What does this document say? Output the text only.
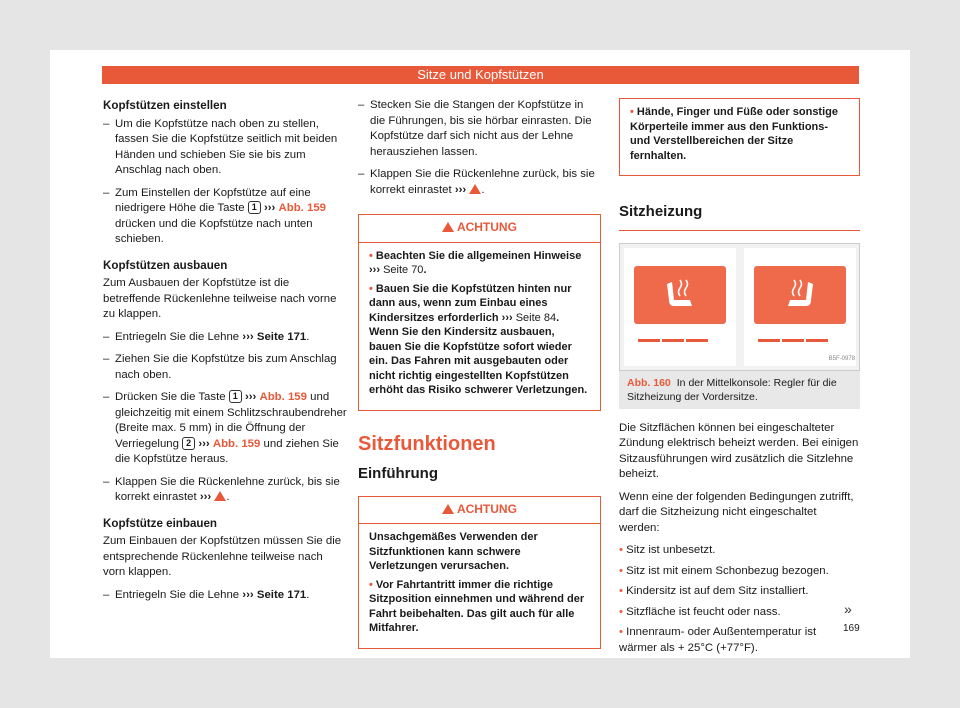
Sitze und Kopfstützen
Kopfstützen einstellen
– Um die Kopfstütze nach oben zu stellen, fassen Sie die Kopfstütze seitlich mit beiden Händen und schieben Sie sie bis zum Anschlag nach oben.
– Zum Einstellen der Kopfstütze auf eine niedrigere Höhe die Taste 1 ››› Abb. 159 drücken und die Kopfstütze nach unten schieben.
Kopfstützen ausbauen

Zum Ausbauen der Kopfstütze ist die betreffende Rückenlehne teilweise nach vorne zu klappen.

– Entriegeln Sie die Lehne ››› Seite 171.
– Ziehen Sie die Kopfstütze bis zum Anschlag nach oben.
– Drücken Sie die Taste 1 ››› Abb. 159 und gleichzeitig mit einem Schlitzschraubendreher (Breite max. 5 mm) in die Öffnung der Verriegelung 2 ››› Abb. 159 und ziehen Sie die Kopfstütze heraus.
– Klappen Sie die Rückenlehne zurück, bis sie korrekt einrastet ››› .
Kopfstütze einbauen

Zum Einbauen der Kopfstützen müssen Sie die entsprechende Rückenlehne teilweise nach vorn klappen.

– Entriegeln Sie die Lehne ››› Seite 171.
– Stecken Sie die Stangen der Kopfstütze in die Führungen, bis sie hörbar einrasten. Die Kopfstütze darf sich nicht aus der Lehne herausziehen lassen.
– Klappen Sie die Rückenlehne zurück, bis sie korrekt einrastet ››› .
ACHTUNG

• Beachten Sie die allgemeinen Hinweise ››› Seite 70.

• Bauen Sie die Kopfstützen hinten nur dann aus, wenn zum Einbau eines Kindersitzes erforderlich ››› Seite 84. Wenn Sie den Kindersitz ausbauen, bauen Sie die Kopfstütze sofort wieder ein. Das Fahren mit ausgebauten oder nicht richtig eingestellten Kopfstützen erhöht das Risiko schwerer Verletzungen.

Sitzfunktionen
Einführung
ACHTUNG

Unsachgemäßes Verwenden der Sitzfunktionen kann schwere Verletzungen verursachen.

• Vor Fahrtantritt immer die richtige Sitzposition einnehmen und während der Fahrt beibehalten. Das gilt auch für alle Mitfahrer.

• Hände, Finger und Füße oder sonstige Körperteile immer aus den Funktions- und Verstellbereichen der Sitze fernhalten.

Sitzheizung
B5F-0978
Abb. 160 In der Mittelkonsole: Regler für die Sitzheizung der Vordersitze.

Die Sitzflächen können bei eingeschalteter Zündung elektrisch beheizt werden. Bei einigen Sitzausführungen wird zusätzlich die Sitzlehne beheizt.

Wenn eine der folgenden Bedingungen zutrifft, darf die Sitzheizung nicht eingeschaltet werden:

• Sitz ist unbesetzt.
• Sitz ist mit einem Schonbezug bezogen.
• Kindersitz ist auf dem Sitz installiert.
• Sitzfläche ist feucht oder nass.
• Innenraum- oder Außentemperatur ist wärmer als + 25°C (+77°F).
»
169
